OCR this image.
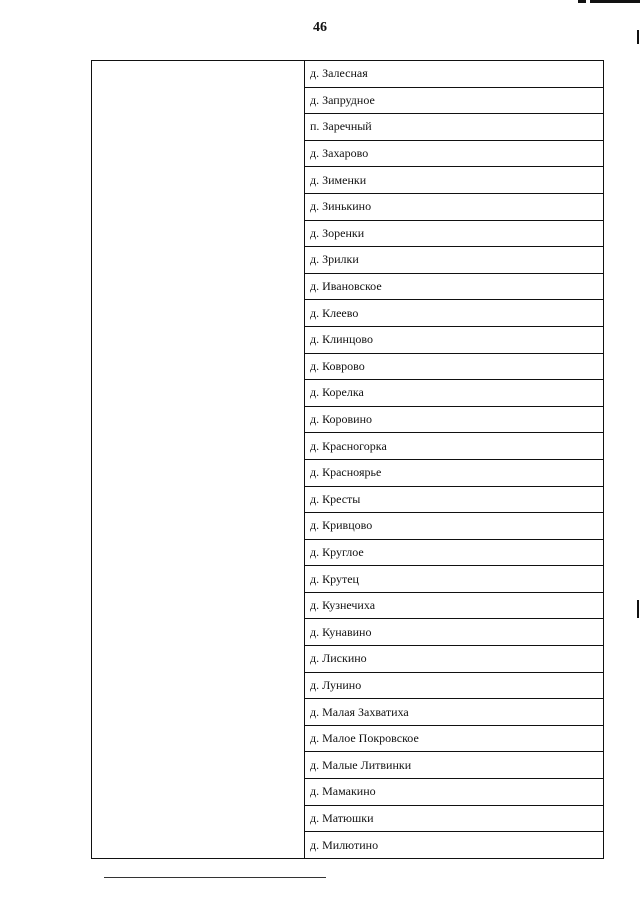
46
	д. Залесная
д. Запрудное
п. Заречный
д. Захарово
д. Зименки
д. Зинькино
д. Зоренки
д. Зрилки
д. Ивановское
д. Клеево
д. Клинцово
д. Коврово
д. Корелка
д. Коровино
д. Красногорка
д. Красноярье
д. Кресты
д. Кривцово
д. Круглое
д. Крутец
д. Кузнечиха
д. Кунавино
д. Лискино
д. Лунино
д. Малая Захватиха
д. Малое Покровское
д. Малые Литвинки
д. Мамакино
д. Матюшки
д. Милютино
